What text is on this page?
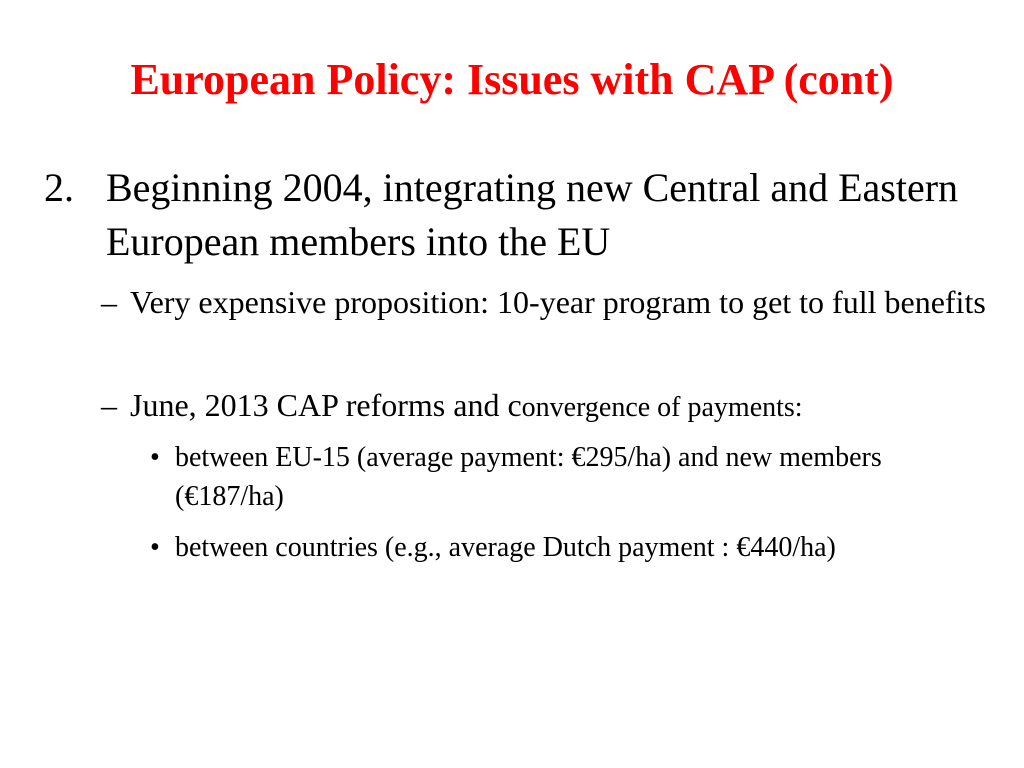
European Policy: Issues with CAP (cont)
2. Beginning 2004, integrating new Central and Eastern European members into the EU
– Very expensive proposition: 10-year program to get to full benefits
– June, 2013 CAP reforms and convergence of payments:
• between EU-15 (average payment: €295/ha) and new members (€187/ha)
• between countries (e.g., average Dutch payment : €440/ha)
